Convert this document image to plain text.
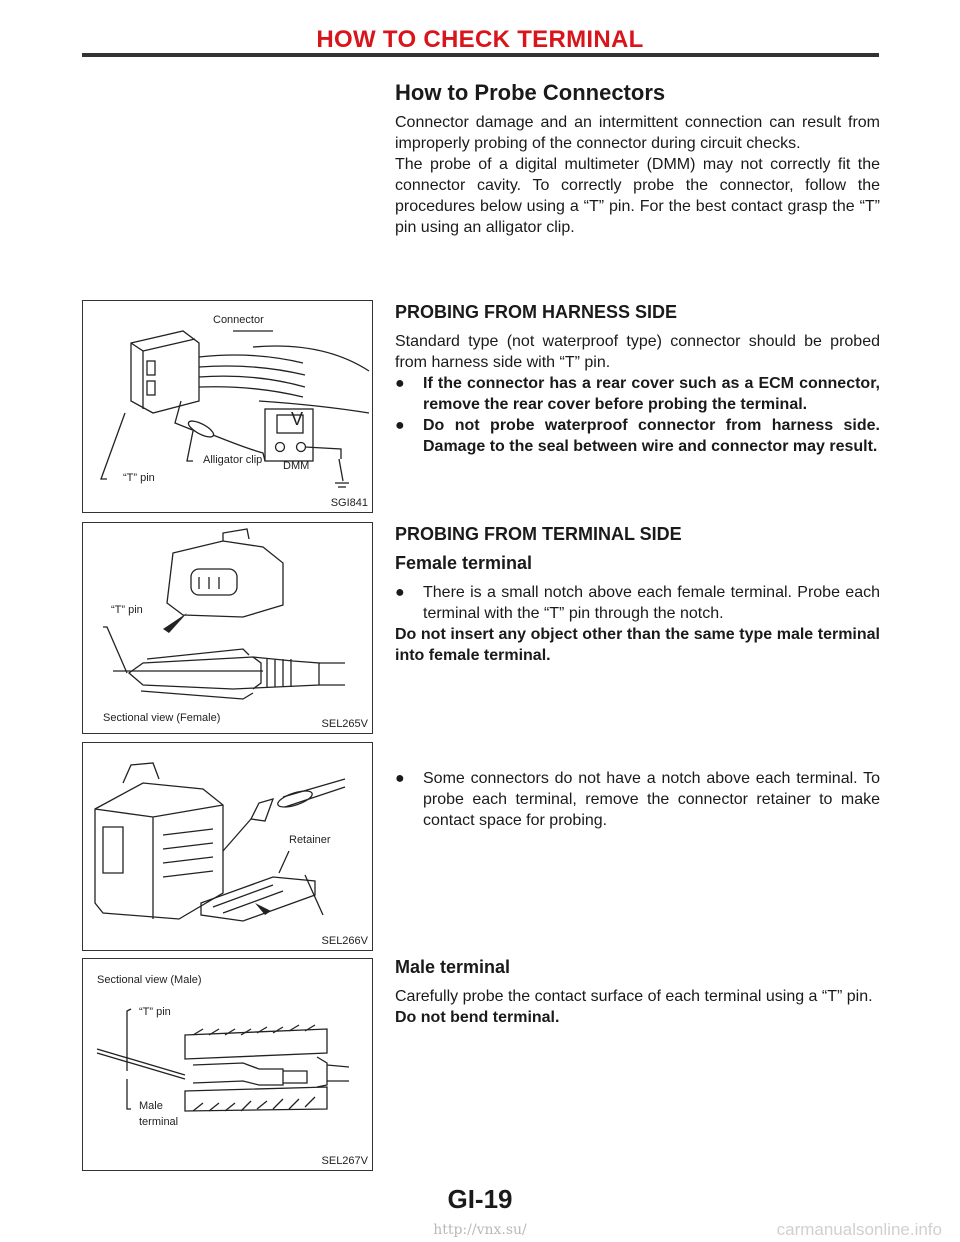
HOW TO CHECK TERMINAL
How to Probe Connectors

Connector damage and an intermittent connection can result from improperly probing of the connector during circuit checks.

The probe of a digital multimeter (DMM) may not correctly fit the connector cavity. To correctly probe the connector, follow the procedures below using a “T” pin. For the best contact grasp the “T” pin using an alligator clip.

V
Connector
Alligator clip DMM
“T” pin
SGI841
PROBING FROM HARNESS SIDE

Standard type (not waterproof type) connector should be probed from harness side with “T” pin.

● If the connector has a rear cover such as a ECM connector, remove the rear cover before probing the terminal.
● Do not probe waterproof connector from harness side. Damage to the seal between wire and connector may result.
“T” pin
Sectional view (Female)	SEL265V
PROBING FROM TERMINAL SIDE
Female terminal
● There is a small notch above each female terminal. Probe each terminal with the “T” pin through the notch.

Do not insert any object other than the same type male terminal into female terminal.

Retainer
SEL266V
● Some connectors do not have a notch above each terminal. To probe each terminal, remove the connector retainer to make contact space for probing.
Sectional view (Male)
“T” pin
Male
terminal
SEL267V
Male terminal

Carefully probe the contact surface of each terminal using a “T” pin.

Do not bend terminal.

GI-19
http://vnx.su/	carmanualsonline.info
